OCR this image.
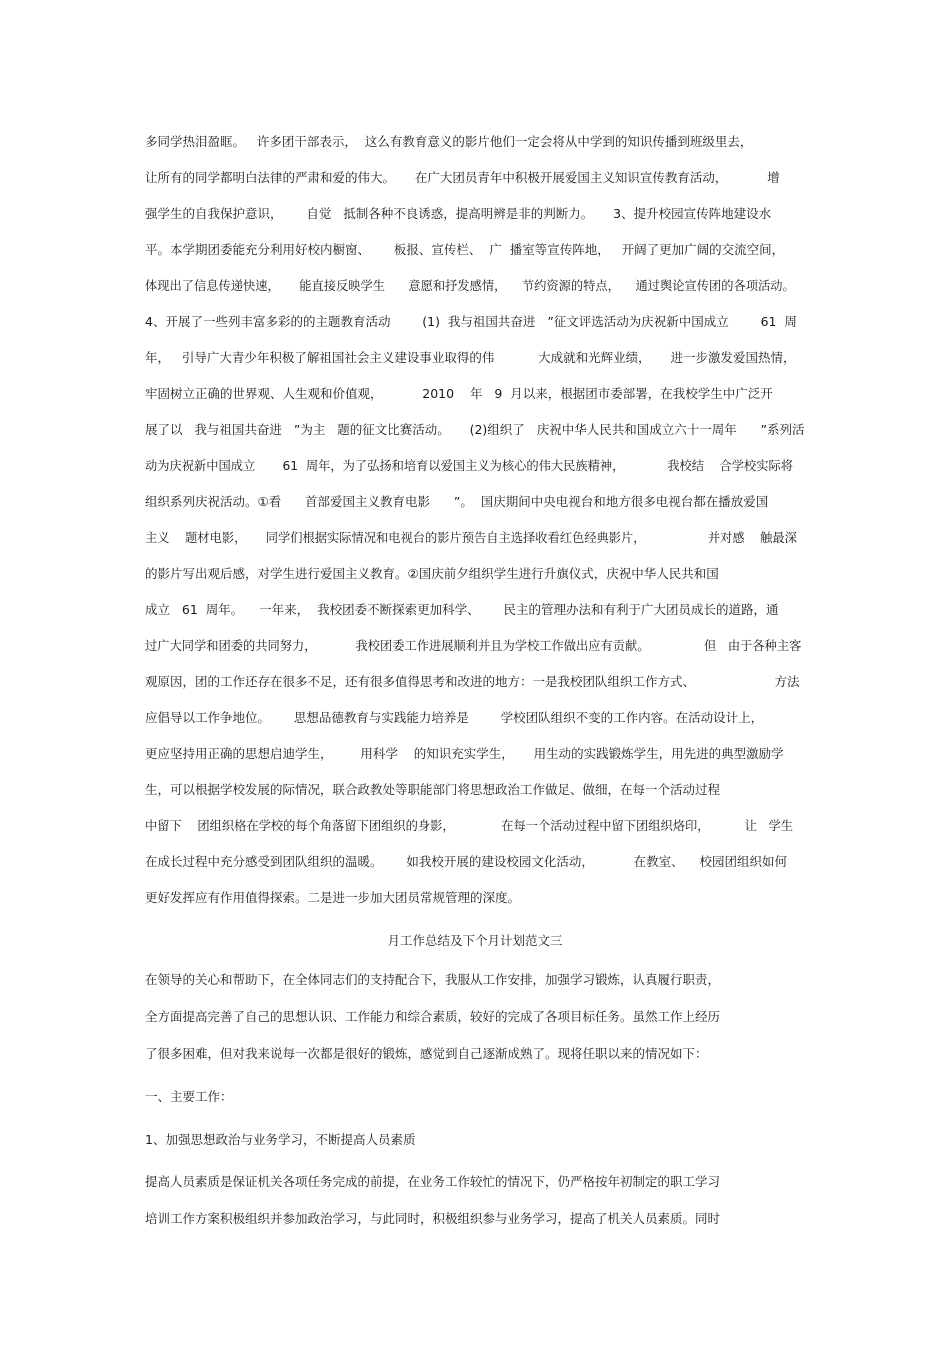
多同学热泪盈眶。   许多团干部表示，  这么有教育意义的影片他们一定会将从中学到的知识传播到班级里去，
让所有的同学都明白法律的严肃和爱的伟大。     在广大团员青年中积极开展爱国主义知识宣传教育活动，          增
强学生的自我保护意识，      自觉   抵制各种不良诱惑，提高明辨是非的判断力。     3、提升校园宣传阵地建设水
平。本学期团委能充分利用好校内橱窗、      板报、宣传栏、  广  播室等宣传阵地，   开阔了更加广阔的交流空间，
体现出了信息传递快速，     能直接反映学生      意愿和抒发感情，    节约资源的特点，    通过舆论宣传团的各项活动。
4、开展了一些列丰富多彩的的主题教育活动        (1)  我与祖国共奋进   ”征文评选活动为庆祝新中国成立        61  周
年，   引导广大青少年积极了解祖国社会主义建设事业取得的伟           大成就和光辉业绩，     进一步激发爱国热情，
牢固树立正确的世界观、人生观和价值观，          2010    年   9  月以来，根据团市委部署，在我校学生中广泛开
展了以   我与祖国共奋进   ”为主   题的征文比赛活动。     (2)组织了   庆祝中华人民共和国成立六十一周年      ”系列活
动为庆祝新中国成立       61  周年，为了弘扬和培育以爱国主义为核心的伟大民族精神，           我校结    合学校实际将
组织系列庆祝活动。①看      首部爱国主义教育电影      ”。  国庆期间中央电视台和地方很多电视台都在播放爱国
主义    题材电影，     同学们根据实际情况和电视台的影片预告自主选择收看红色经典影片，                并对感    触最深
的影片写出观后感，对学生进行爱国主义教育。②国庆前夕组织学生进行升旗仪式，庆祝中华人民共和国
成立   61  周年。    一年来，  我校团委不断探索更加科学、      民主的管理办法和有利于广大团员成长的道路，通
过广大同学和团委的共同努力，          我校团委工作进展顺利并且为学校工作做出应有贡献。              但   由于各种主客
观原因，团的工作还存在很多不足，还有很多值得思考和改进的地方：一是我校团队组织工作方式、                    方法
应倡导以工作争地位。      思想品德教育与实践能力培养是        学校团队组织不变的工作内容。在活动设计上，
更应坚持用正确的思想启迪学生，       用科学    的知识充实学生，     用生动的实践锻炼学生，用先进的典型激励学
生，可以根据学校发展的际情况，联合政教处等职能部门将思想政治工作做足、做细，在每一个活动过程
中留下    团组织格在学校的每个角落留下团组织的身影，            在每一个活动过程中留下团组织烙印，         让   学生
在成长过程中充分感受到团队组织的温暖。      如我校开展的建设校园文化活动，          在教室、    校园团组织如何
更好发挥应有作用值得探索。二是进一步加大团员常规管理的深度。
月工作总结及下个月计划范文三
在领导的关心和帮助下，在全体同志们的支持配合下，我服从工作安排，加强学习锻炼，认真履行职责，
全方面提高完善了自己的思想认识、工作能力和综合素质，较好的完成了各项目标任务。虽然工作上经历
了很多困难，但对我来说每一次都是很好的锻炼，感觉到自己逐渐成熟了。现将任职以来的情况如下：
一、主要工作：
1、加强思想政治与业务学习，不断提高人员素质
提高人员素质是保证机关各项任务完成的前提，在业务工作较忙的情况下，仍严格按年初制定的职工学习
培训工作方案积极组织并参加政治学习，与此同时，积极组织参与业务学习，提高了机关人员素质。同时
